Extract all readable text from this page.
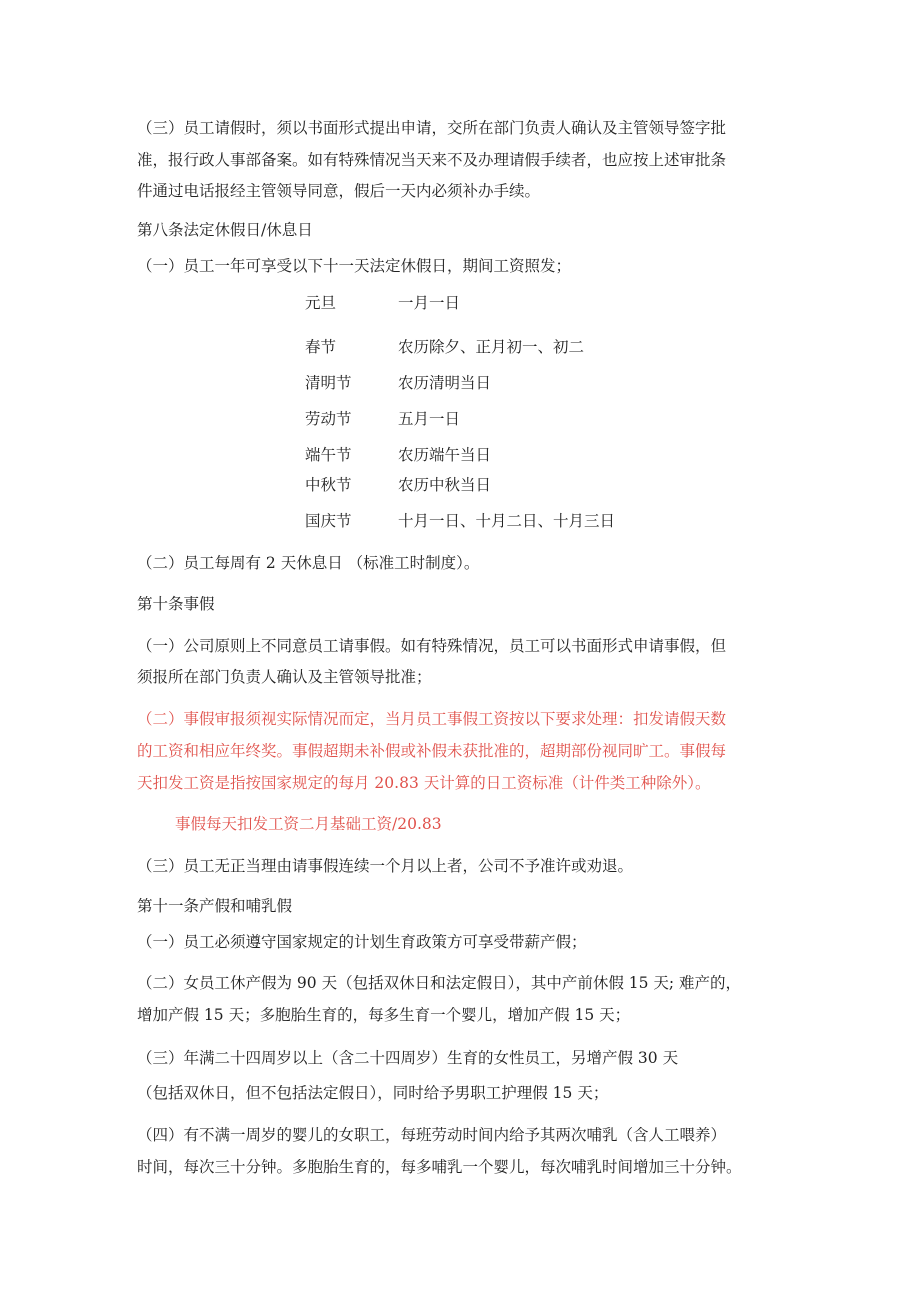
（三）员工请假时，须以书面形式提出申请，交所在部门负责人确认及主管领导签字批
准，报行政人事部备案。如有特殊情况当天来不及办理请假手续者，也应按上述审批条
件通过电话报经主管领导同意，假后一天内必须补办手续。
第八条法定休假日/休息日
（一）员工一年可享受以下十一天法定休假日，期间工资照发；
元旦	一月一日
春节	农历除夕、正月初一、初二
清明节	农历清明当日
劳动节	五月一日
端午节	农历端午当日
中秋节	农历中秋当日
国庆节	十月一日、十月二日、十月三日
（二）员工每周有 2 天休息日 （标准工时制度）。
第十条事假
（一）公司原则上不同意员工请事假。如有特殊情况，员工可以书面形式申请事假，但
须报所在部门负责人确认及主管领导批准；
（二）事假审报须视实际情况而定，当月员工事假工资按以下要求处理：扣发请假天数
的工资和相应年终奖。事假超期未补假或补假未获批准的，超期部份视同旷工。事假每
天扣发工资是指按国家规定的每月 20.83 天计算的日工资标准（计件类工种除外）。
事假每天扣发工资二月基础工资/20.83
（三）员工无正当理由请事假连续一个月以上者，公司不予准许或劝退。
第十一条产假和哺乳假
（一）员工必须遵守国家规定的计划生育政策方可享受带薪产假；
（二）女员工休产假为 90 天（包括双休日和法定假日），其中产前休假 15 天; 难产的，
增加产假 15 天；多胞胎生育的，每多生育一个婴儿，增加产假 15 天；
（三）年满二十四周岁以上（含二十四周岁）生育的女性员工，另增产假 30 天
（包括双休日，但不包括法定假日），同时给予男职工护理假 15 天；
（四）有不满一周岁的婴儿的女职工，每班劳动时间内给予其两次哺乳（含人工喂养）
时间，每次三十分钟。多胞胎生育的，每多哺乳一个婴儿，每次哺乳时间增加三十分钟。
